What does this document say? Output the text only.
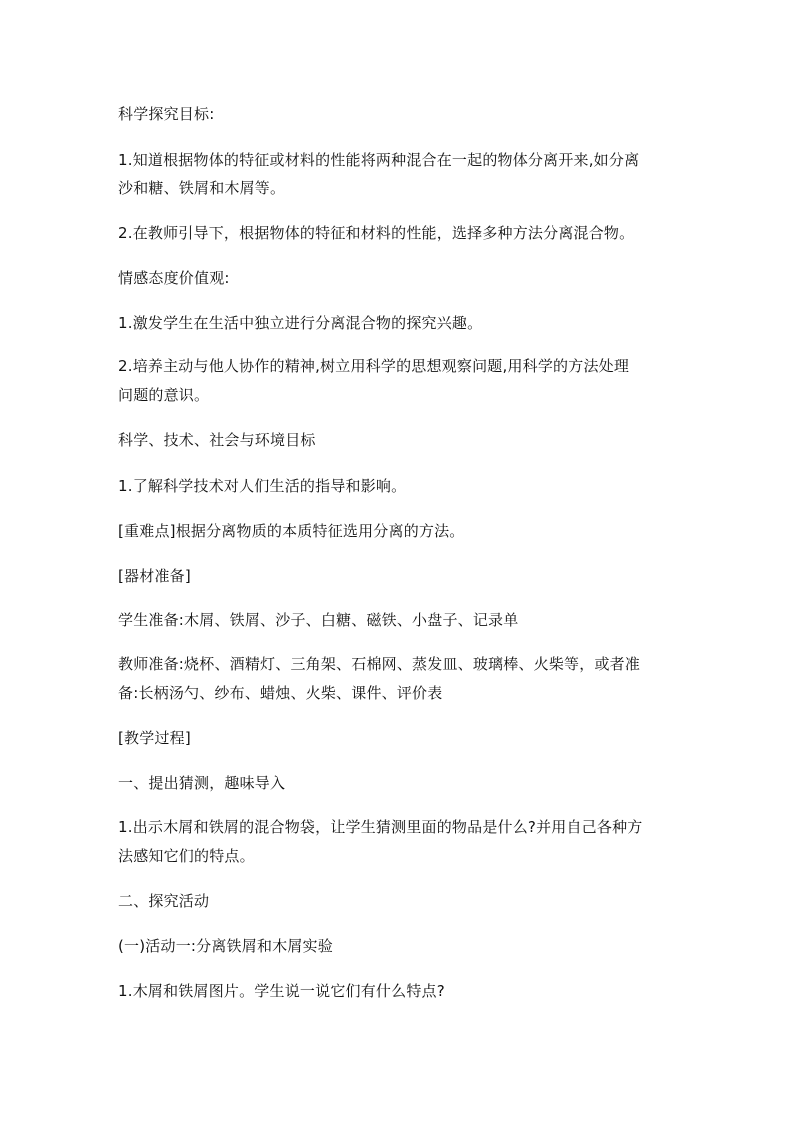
科学探究目标:
1.知道根据物体的特征或材料的性能将两种混合在一起的物体分离开来,如分离
沙和糖、铁屑和木屑等。
2.在教师引导下，根据物体的特征和材料的性能，选择多种方法分离混合物。
情感态度价值观:
1.激发学生在生活中独立进行分离混合物的探究兴趣。
2.培养主动与他人协作的精神,树立用科学的思想观察问题,用科学的方法处理
问题的意识。
科学、技术、社会与环境目标
1.了解科学技术对人们生活的指导和影响。
[重难点]根据分离物质的本质特征选用分离的方法。
[器材准备]
学生准备:木屑、铁屑、沙子、白糖、磁铁、小盘子、记录单
教师准备:烧杯、酒精灯、三角架、石棉网、蒸发皿、玻璃棒、火柴等，或者准
备:长柄汤勺、纱布、蜡烛、火柴、课件、评价表
[教学过程]
一、提出猜测，趣味导入
1.出示木屑和铁屑的混合物袋，让学生猜测里面的物品是什么?并用自己各种方
法感知它们的特点。
二、探究活动
(一)活动一:分离铁屑和木屑实验
1.木屑和铁屑图片。学生说一说它们有什么特点?
